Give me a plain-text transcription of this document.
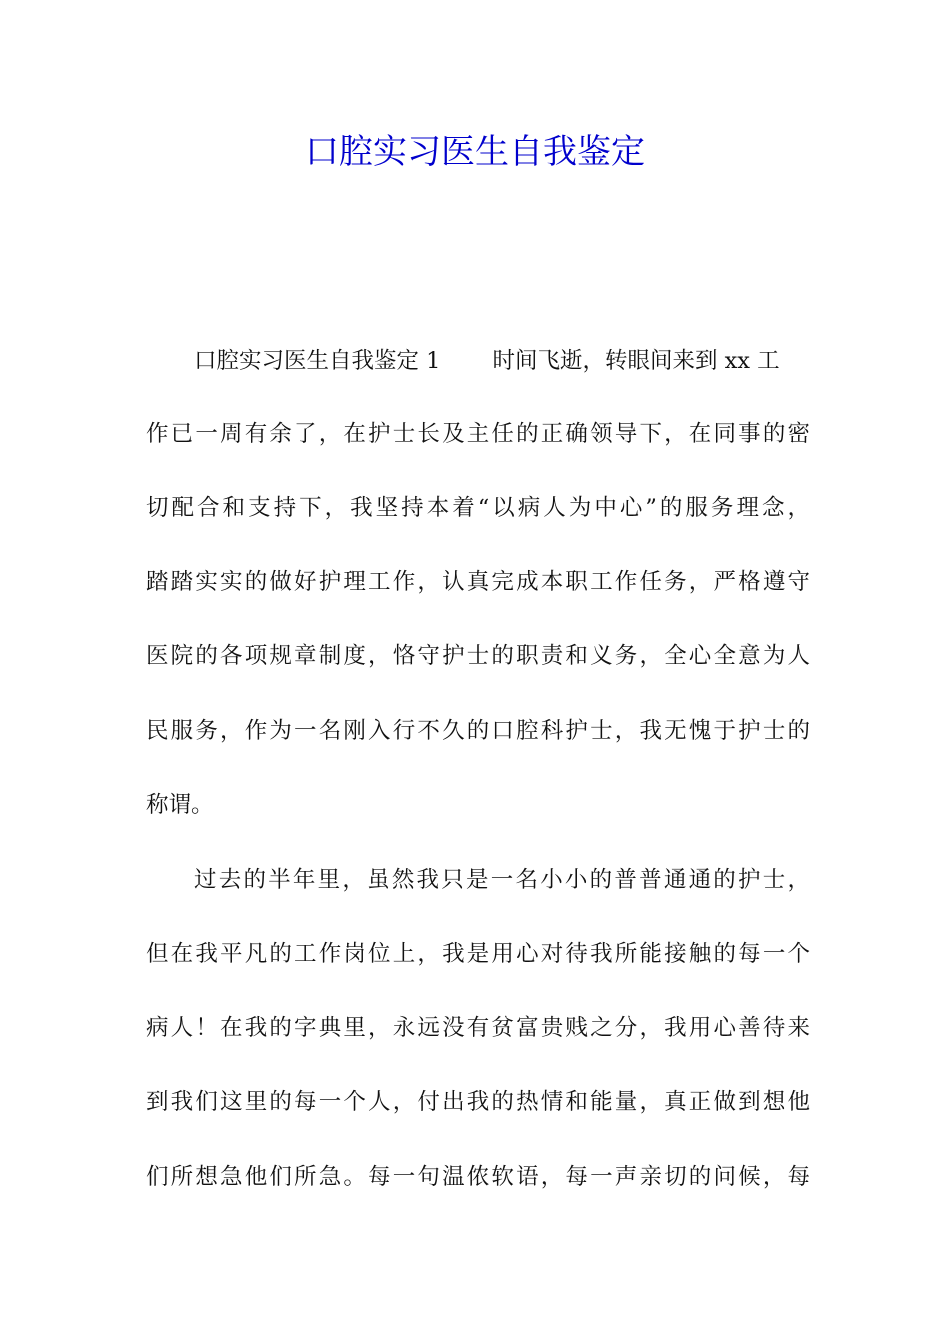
口腔实习医生自我鉴定
口腔实习医生自我鉴定 1 时间飞逝，转眼间来到 xx 工
作已一周有余了，在护士长及主任的正确领导下，在同事的密
切配合和支持下，我坚持本着“以病人为中心”的服务理念，
踏踏实实的做好护理工作，认真完成本职工作任务，严格遵守
医院的各项规章制度，恪守护士的职责和义务，全心全意为人
民服务，作为一名刚入行不久的口腔科护士，我无愧于护士的
称谓。
过去的半年里，虽然我只是一名小小的普普通通的护士，
但在我平凡的工作岗位上，我是用心对待我所能接触的每一个
病人！在我的字典里，永远没有贫富贵贱之分，我用心善待来
到我们这里的每一个人，付出我的热情和能量，真正做到想他
们所想急他们所急。每一句温侬软语，每一声亲切的问候，每
